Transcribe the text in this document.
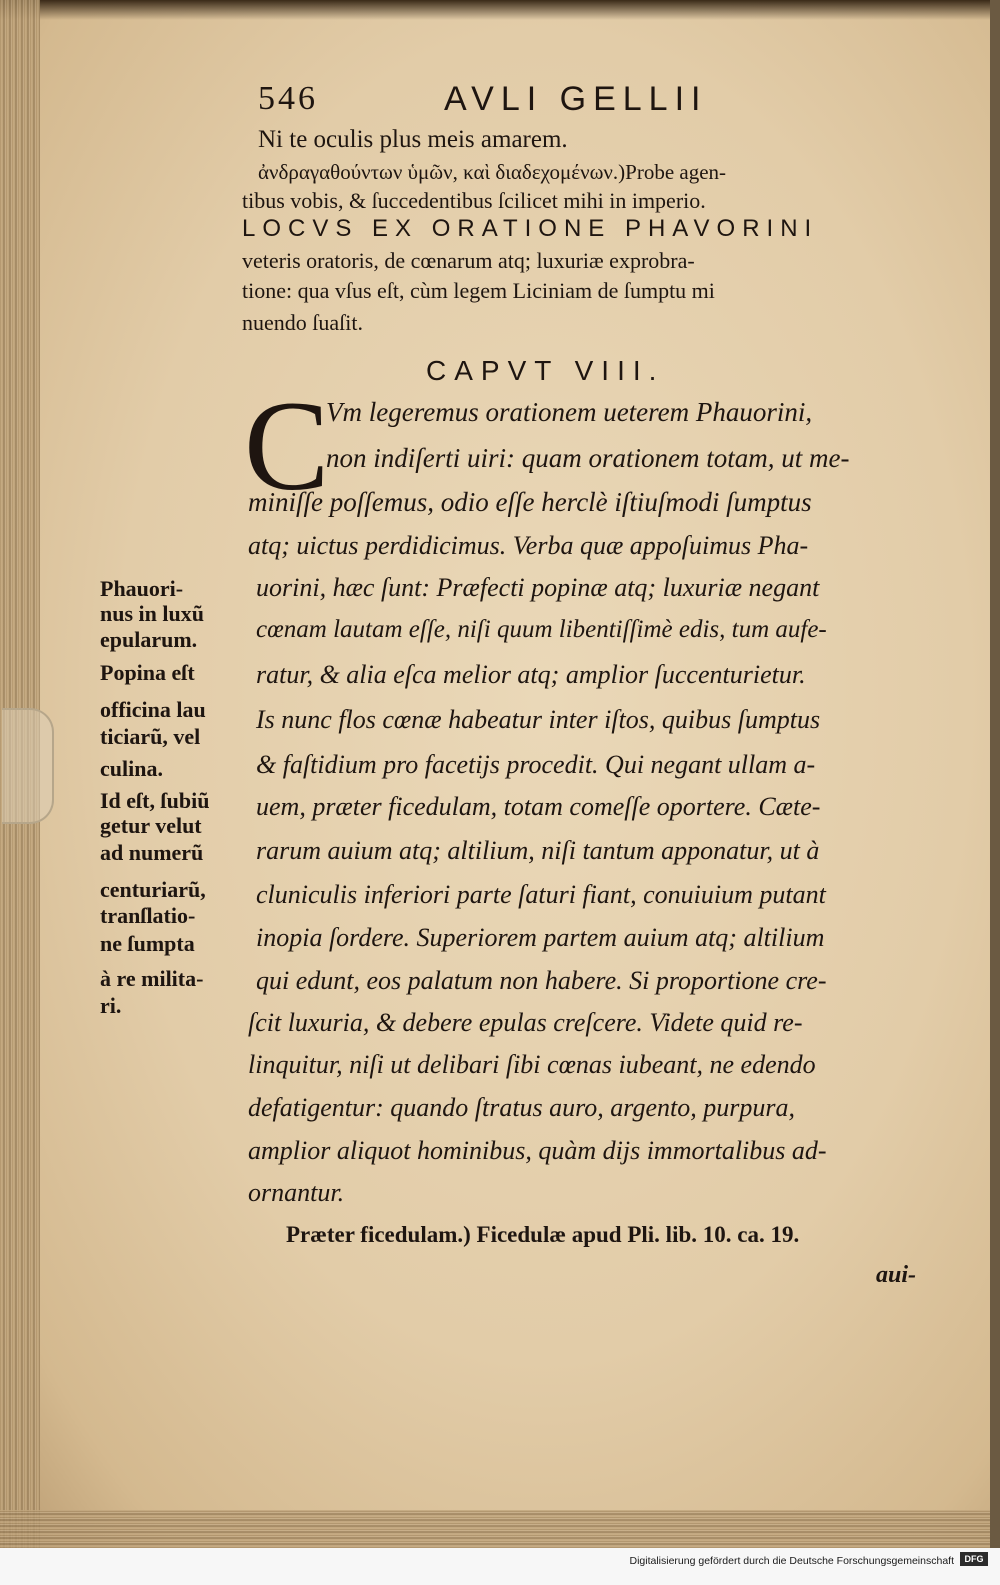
546	AVLI GELLII
Ni te oculis plus meis amarem.
ἀνδραγαθούντων ὑμῶν, καὶ διαδεχομένων.)Probe agen-
tibus vobis, & ſuccedentibus ſcilicet mihi in imperio.
LOCVS EX ORATIONE PHAVORINI
veteris oratoris, de cœnarum atq; luxuriæ exprobra-
tione: qua vſus eſt, cùm legem Liciniam de ſumptu mi
nuendo ſuaſit.
CAPVT VIII.
C
Vm legeremus orationem ueterem Phauorini,
non indiſerti uiri: quam orationem totam, ut me-
miniſſe poſſemus, odio eſſe herclè iſtiuſmodi ſumptus
atq; uictus perdidicimus. Verba quæ appoſuimus Pha-
uorini, hæc ſunt: Præfecti popinæ atq; luxuriæ negant
cœnam lautam eſſe, niſi quum libentiſſimè edis, tum aufe-
ratur, & alia eſca melior atq; amplior ſuccenturietur.
Is nunc flos cœnæ habeatur inter iſtos, quibus ſumptus
& faſtidium pro facetijs procedit. Qui negant ullam a-
uem, præter ficedulam, totam comeſſe oportere. Cæte-
rarum auium atq; altilium, niſi tantum apponatur, ut à
cluniculis inferiori parte ſaturi fiant, conuiuium putant
inopia ſordere. Superiorem partem auium atq; altilium
qui edunt, eos palatum non habere. Si proportione cre-
ſcit luxuria, & debere epulas creſcere. Videte quid re-
linquitur, niſi ut delibari ſibi cœnas iubeant, ne edendo
defatigentur: quando ſtratus auro, argento, purpura,
amplior aliquot hominibus, quàm dijs immortalibus ad-
ornantur.
Phauori-
nus in luxũ
epularum.
Popina eſt
officina lau
ticiarũ, vel
culina.
Id eſt, ſubiũ
getur velut
ad numerũ
centuriarũ,
tranſlatio-
ne ſumpta
à re milita-
ri.
Præter ficedulam.) Ficedulæ apud Pli. lib. 10. ca. 19.
aui-
Digitalisierung gefördert durch die Deutsche Forschungsgemeinschaft	DFG
